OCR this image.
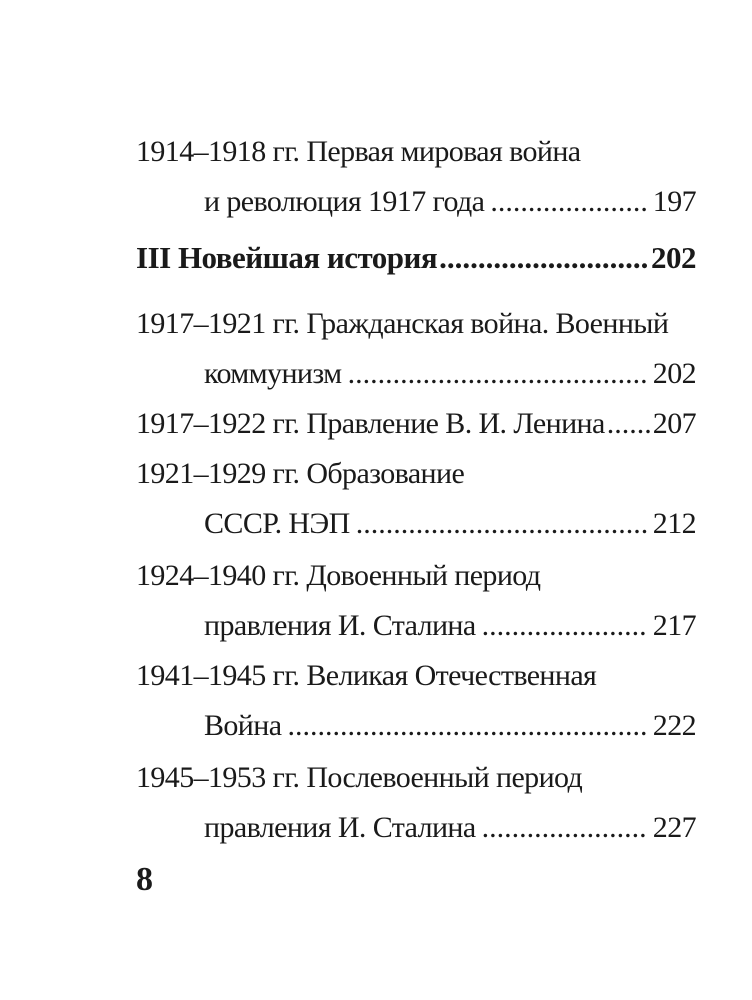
1914–1918 гг. Первая мировая война
и революция 1917 года .....	197
III Новейшая история .....	202
1917–1921 гг. Гражданская война. Военный
коммунизм .....	202
1917–1922 гг. Правление В. И. Ленина ..... 207
1921–1929 гг. Образование
СССР. НЭП .....	212
1924–1940 гг. Довоенный период
правления И. Сталина .....	217
1941–1945 гг. Великая Отечественная
Война .....	222
1945–1953 гг. Послевоенный период
правления И. Сталина .....	227
8
